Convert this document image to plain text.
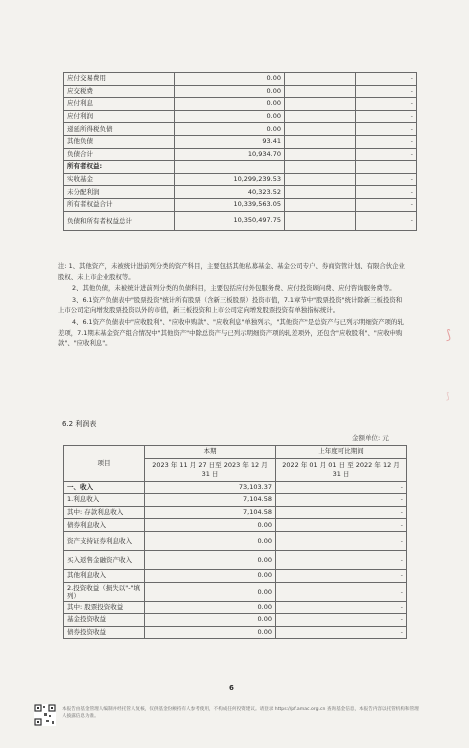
应付交易费用	0.00		-
应交税费	0.00		-
应付利息	0.00		-
应付利润	0.00		-
递延所得税负债	0.00		-
其他负债	93.41		-
负债合计	10,934.70		-
所有者权益:			
实收基金	10,299,239.53		-
未分配利润	40,323.52		-
所有者权益合计	10,339,563.05		-
负债和所有者权益总计	10,350,497.75		-

注: 1、其他资产，未被统计进前列分类的资产科目，主要包括其他私募基金、基金公司专户、券商资管计划、有限合伙企业股权、未上市企业股权等。

2、其他负债，未被统计进前列分类的负债科目，主要包括应付外包服务费、应付投资顾问费、应付咨询服务费等。

3、6.1资产负债表中"股票投资"统计所有股票（含新三板股票）投资市值，7.1章节中"股票投资"统计除新三板投资和上市公司定向增发股票投资以外的市值，新三板投资和上市公司定向增发股票投资有单独指标统计。

4、6.1资产负债表中"应收股利"、"应收申购款"、"应收利息"单独列示，"其他资产"是总资产与已列示明细资产项的轧差项，7.1期末基金资产组合情况中"其他资产"中除总资产与已列示明细资产项的轧差项外，还包含"应收股利"、"应收申购款"、"应收利息"。

6.2 利润表
金额单位: 元
项目	本期	上年度可比期间
	2023 年 11 月 27 日至 2023 年 12 月 31 日	2022 年 01 月 01 日 至 2022 年 12 月 31 日
一、收入	73,103.37	-
1.利息收入	7,104.58	-
其中: 存款利息收入	7,104.58	-
债券利息收入	0.00	-
资产支持证券利息收入	0.00	-
买入返售金融资产收入	0.00	-
其他利息收入	0.00	-
2.投资收益（损失以"-"填列）	0.00	-
其中: 股票投资收益	0.00	-
基金投资收益	0.00	-
债券投资收益	0.00	-
6
本报告由基金管理人编制并经托管人复核，仅供基金份额持有人参考使用，不构成任何投资建议。请登录 https://pf.amac.org.cn 查询基金信息，本报告内容以托管机构和管理人披露信息为准。
⟆
⟆
